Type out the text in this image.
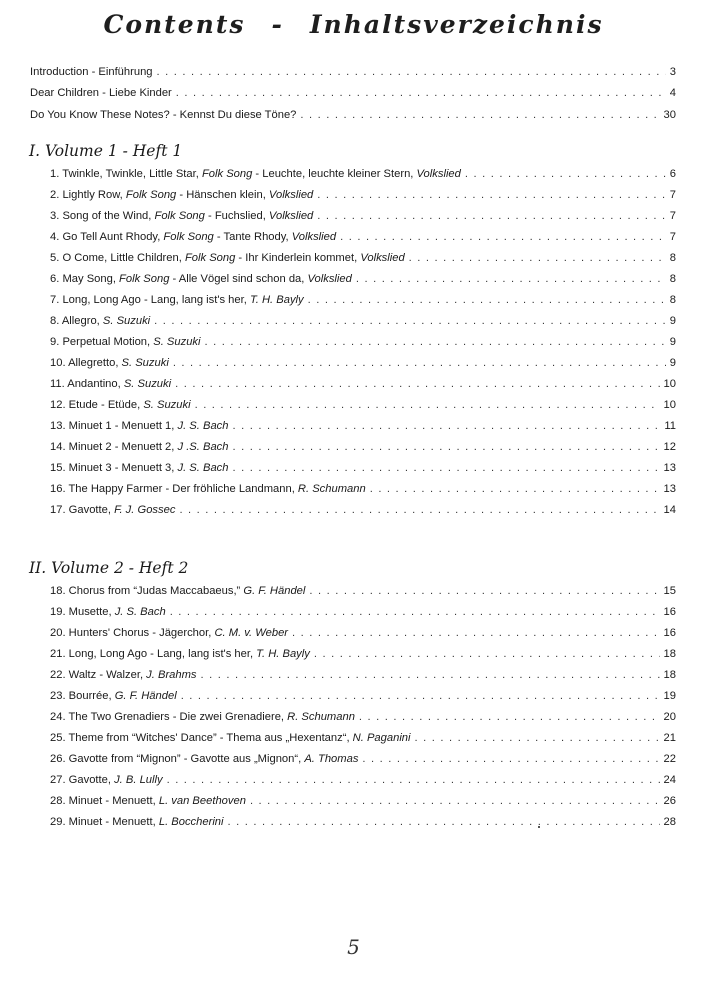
Contents - Inhaltsverzeichnis
Introduction - Einführung . . .	3
Dear Children - Liebe Kinder . . .	4
Do You Know These Notes? - Kennst Du diese Töne? . . .	30
I. Volume 1 - Heft 1
1. Twinkle, Twinkle, Little Star, Folk Song - Leuchte, leuchte kleiner Stern, Volkslied . . .	6
2. Lightly Row, Folk Song - Hänschen klein, Volkslied . . .	7
3. Song of the Wind, Folk Song - Fuchslied, Volkslied . . .	7
4. Go Tell Aunt Rhody, Folk Song - Tante Rhody, Volkslied . . .	7
5. O Come, Little Children, Folk Song - Ihr Kinderlein kommet, Volkslied . . .	8
6. May Song, Folk Song - Alle Vögel sind schon da, Volkslied . . .	8
7. Long, Long Ago - Lang, lang ist's her, T. H. Bayly . . .	8
8. Allegro, S. Suzuki . . .	9
9. Perpetual Motion, S. Suzuki . . .	9
10. Allegretto, S. Suzuki . . .	9
11. Andantino, S. Suzuki . . .	10
12. Etude - Etüde, S. Suzuki . . .	10
13. Minuet 1 - Menuett 1, J. S. Bach . . .	11
14. Minuet 2 - Menuett 2, J .S. Bach . . .	12
15. Minuet 3 - Menuett 3, J. S. Bach . . .	13
16. The Happy Farmer - Der fröhliche Landmann, R. Schumann . . .	13
17. Gavotte, F. J. Gossec . . .	14
II. Volume 2 - Heft 2
18. Chorus from “Judas Maccabaeus,” G. F. Händel . . .	15
19. Musette, J. S. Bach . . .	16
20. Hunters' Chorus - Jägerchor, C. M. v. Weber . . .	16
21. Long, Long Ago - Lang, lang ist's her, T. H. Bayly . . .	18
22. Waltz - Walzer, J. Brahms . . .	18
23. Bourrée, G. F. Händel . . .	19
24. The Two Grenadiers - Die zwei Grenadiere, R. Schumann . . .	20
25. Theme from “Witches' Dance” - Thema aus „Hexentanz“, N. Paganini . . .	21
26. Gavotte from “Mignon” - Gavotte aus „Mignon“, A. Thomas . . .	22
27. Gavotte, J. B. Lully . . .	24
28. Minuet - Menuett, L. van Beethoven . . .	26
29. Minuet - Menuett, L. Boccherini . . .	28
5
